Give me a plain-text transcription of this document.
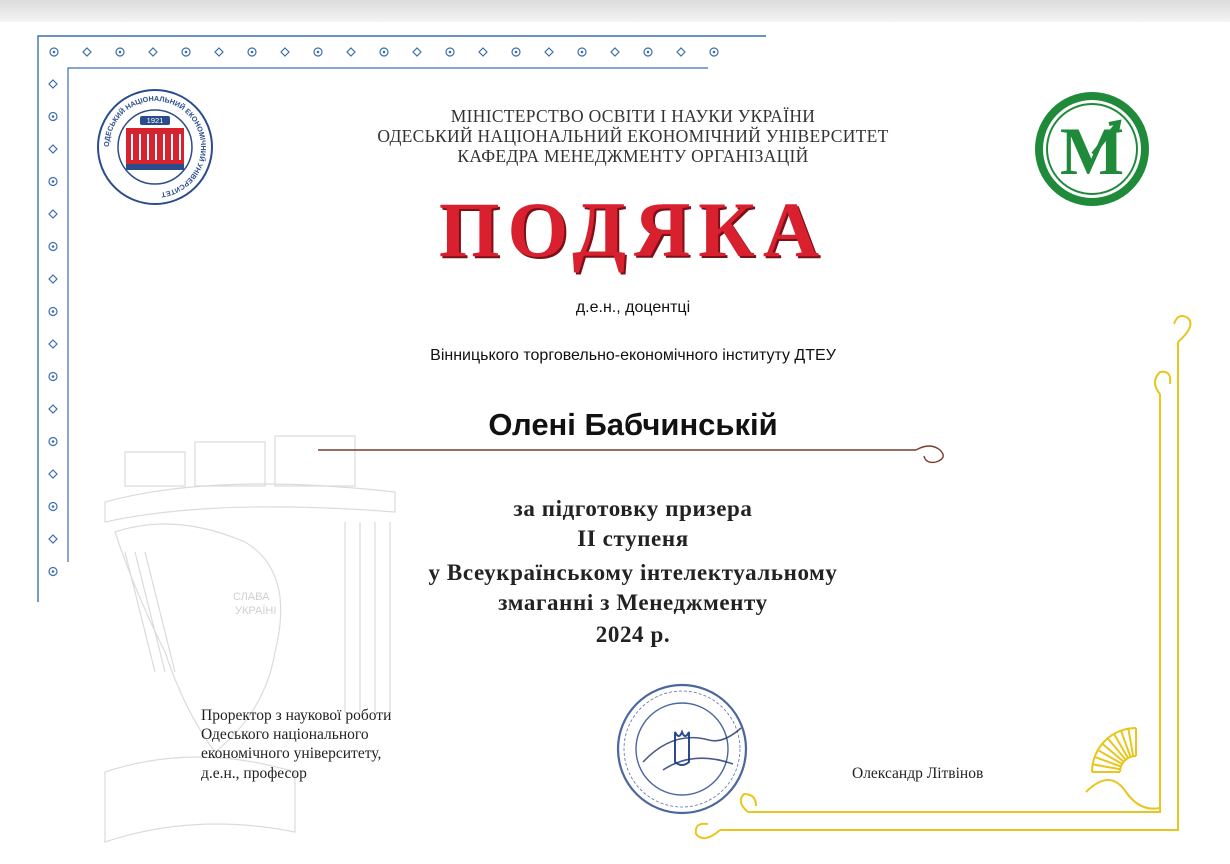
СЛАВА
УКРАЇНІ
ОДЕСЬКИЙ НАЦІОНАЛЬНИЙ ЕКОНОМІЧНИЙ УНІВЕРСИТЕТ
1921	М
МІНІСТЕРСТВО ОСВІТИ І НАУКИ УКРАЇНИ
ОДЕСЬКИЙ НАЦІОНАЛЬНИЙ ЕКОНОМІЧНИЙ УНІВЕРСИТЕТ
КАФЕДРА МЕНЕДЖМЕНТУ ОРГАНІЗАЦІЙ
ПОДЯКА
д.е.н., доцентці
Вінницького торговельно-економічного інституту ДТЕУ
Олені Бабчинській
за підготовку призера
ІІ ступеня
у Всеукраїнському інтелектуальному
змаганні з Менеджменту
2024 р.
Проректор з наукової роботи
Одеського національного
економічного університету,
д.е.н., професор	Олександр Літвінов
